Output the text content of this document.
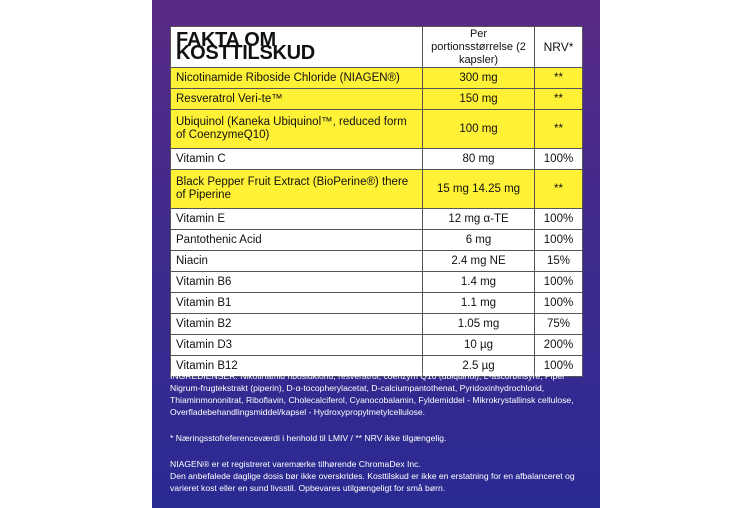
FAKTA OM KOSTTILSKUD	Per portionsstørrelse (2 kapsler)	NRV*
Nicotinamide Riboside Chloride (NIAGEN®)	300 mg	**
Resveratrol Veri-te™	150 mg	**
Ubiquinol (Kaneka Ubiquinol™, reduced form of CoenzymeQ10)	100 mg	**
Vitamin C	80 mg	100%
Black Pepper Fruit Extract (BioPerine®) there of Piperine	15 mg 14.25 mg	**
Vitamin E	12 mg α-TE	100%
Pantothenic Acid	6 mg	100%
Niacin	2.4 mg NE	15%
Vitamin B6	1.4 mg	100%
Vitamin B1	1.1 mg	100%
Vitamin B2	1.05 mg	75%
Vitamin D3	10 µg	200%
Vitamin B12	2.5 µg	100%

INGREDIENSER: Nikotinamid ribosidklorid, resveratrol, coenzym Q10 (ubiquinol), L-ascorbinsyre, Piper Nigrum-frugtekstrakt (piperin), D-α-tocopherylacetat, D-calciumpantothenat, Pyridoxinhydrochlorid, Thiaminmononitrat, Riboflavin, Cholecalciferol, Cyanocobalamin, Fyldemiddel - Mikrokrystallinsk cellulose, Overfladebehandlingsmiddel/kapsel - Hydroxypropylmetylcellulose.

* Næringsstofreferenceværdi i henhold til LMIV / ** NRV ikke tilgængelig.

NIAGEN® er et registreret varemærke tilhørende ChromaDex Inc.

Den anbefalede daglige dosis bør ikke overskrides. Kosttilskud er ikke en erstatning for en afbalanceret og varieret kost eller en sund livsstil. Opbevares utilgængeligt for små børn.
